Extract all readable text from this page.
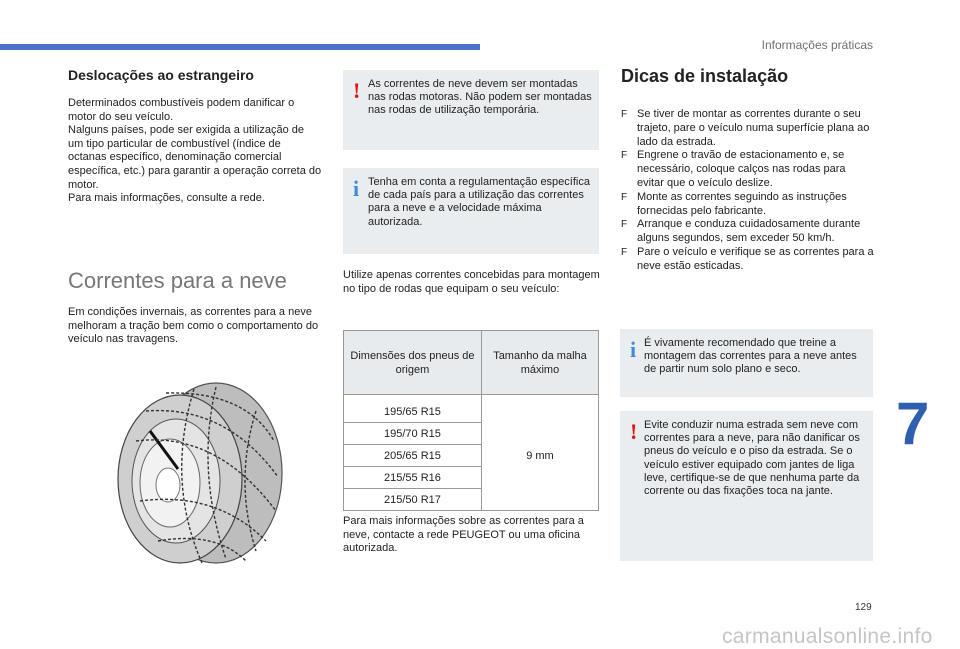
Informações práticas
7
129
Deslocações ao estrangeiro

Determinados combustíveis podem danificar o motor do seu veículo.
Nalguns países, pode ser exigida a utilização de um tipo particular de combustível (índice de octanas específico, denominação comercial específica, etc.) para garantir a operação correta do motor.
Para mais informações, consulte a rede.

Correntes para a neve

Em condições invernais, as correntes para a neve melhoram a tração bem como o comportamento do veículo nas travagens.

! As correntes de neve devem ser montadas nas rodas motoras. Não podem ser montadas nas rodas de utilização temporária.
i Tenha em conta a regulamentação específica de cada país para a utilização das correntes para a neve e a velocidade máxima autorizada.

Utilize apenas correntes concebidas para montagem no tipo de rodas que equipam o seu veículo:

Dimensões dos pneus de origem	Tamanho da malha máximo
195/65 R15	9 mm
195/70 R15	
205/65 R15	
215/55 R16	
215/50 R17	

Para mais informações sobre as correntes para a neve, contacte a rede PEUGEOT ou uma oficina autorizada.

Dicas de instalação
F Se tiver de montar as correntes durante o seu trajeto, pare o veículo numa superfície plana ao lado da estrada.
F Engrene o travão de estacionamento e, se necessário, coloque calços nas rodas para evitar que o veículo deslize.
F Monte as correntes seguindo as instruções fornecidas pelo fabricante.
F Arranque e conduza cuidadosamente durante alguns segundos, sem exceder 50 km/h.
F Pare o veículo e verifique se as correntes para a neve estão esticadas.
i É vivamente recomendado que treine a montagem das correntes para a neve antes de partir num solo plano e seco.
! Evite conduzir numa estrada sem neve com correntes para a neve, para não danificar os pneus do veículo e o piso da estrada. Se o veículo estiver equipado com jantes de liga leve, certifique-se de que nenhuma parte da corrente ou das fixações toca na jante.
carmanualsonline.info
